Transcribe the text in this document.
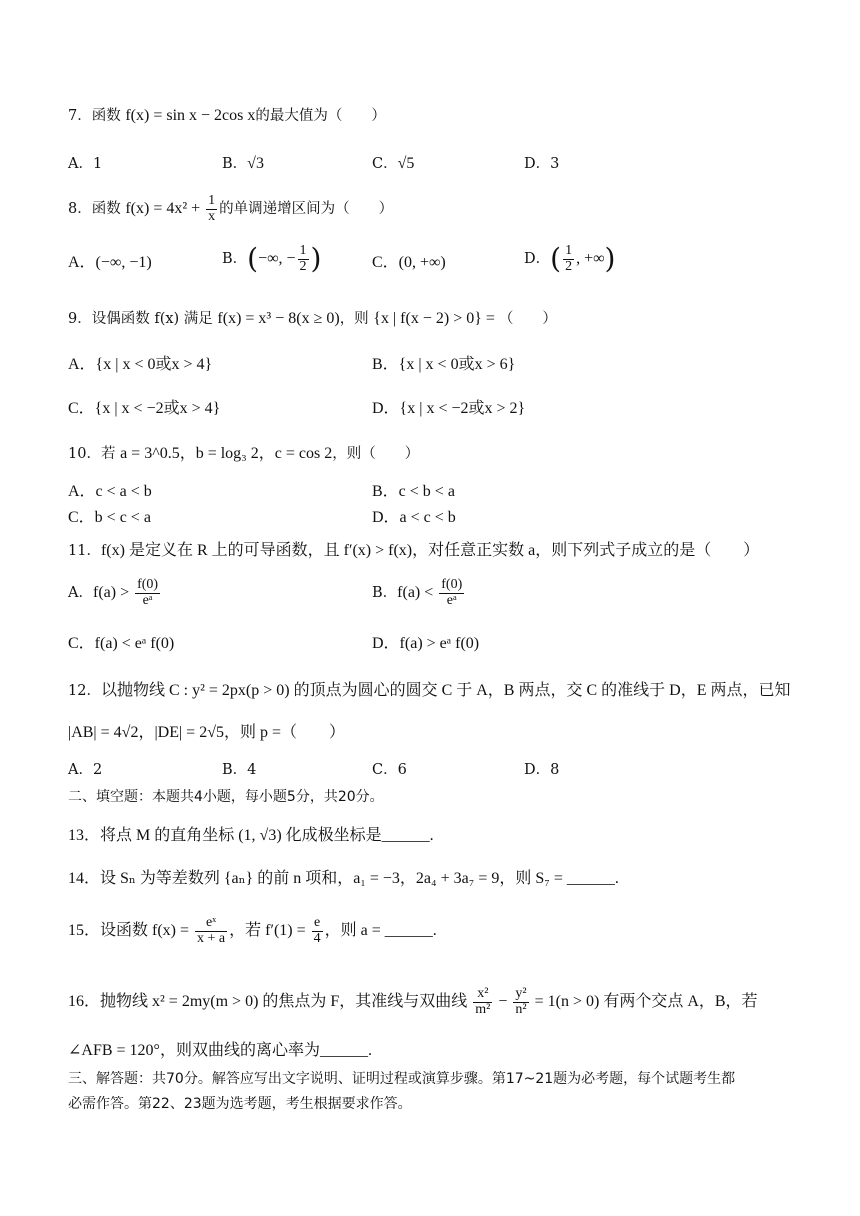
7．函数 f(x) = sin x − 2cos x的最大值为（　　）
A．1	B．√3	C．√5	D．3
8．函数 $f(x) = 4x^2 + \frac{1}{x}$ 的单调递增区间为（　　）
A．(−∞, −1)	B．(−∞, − $\frac{1}{2}$ )	C．(0, +∞)	D．( $\frac{1}{2}$ , +∞)
9．设偶函数 f(x) 满足 f(x) = x³ − 8(x ≥ 0)，则 {x | f(x − 2) > 0} = （　　）
A．{x | x < 0或x > 4}	B．{x | x < 0或x > 6}
C．{x | x < −2或x > 4}	D．{x | x < −2或x > 2}
10．若 a = 3^0.5，b = log₃ 2，c = cos 2，则（　　）
A．c < a < b	B．c < b < a
C．b < c < a	D．a < c < b
11．f(x) 是定义在 R 上的可导函数，且 f′(x) > f(x)，对任意正实数 a，则下列式子成立的是（　　）
A．$f(a) > \frac{f(0)}{\text{eᵃ}}$	B．$f(a) < \frac{f(0)}{\text{eᵃ}}$
C．f(a) < eᵃ f(0)	D．f(a) > eᵃ f(0)
12．以抛物线 C : y² = 2px(p > 0) 的顶点为圆心的圆交 C 于 A，B 两点，交 C 的准线于 D，E 两点，已知
|AB| = 4√2，|DE| = 2√5，则 p =（　　）
A．2	B．4	C．6	D．8
二、填空题：本题共4小题，每小题5分，共20分。
13．将点 M 的直角坐标 (1, √3) 化成极坐标是______.
14．设 Sₙ 为等差数列 {aₙ} 的前 n 项和，a₁ = −3，2a₄ + 3a₇ = 9，则 S₇ = ______.
15．设函数 $f(x) = \frac{\text{eˣ}}{x + a}$ ，若 $f'(1) = \frac{e}{4}$ ，则 a = ______.
16．抛物线 x² = 2my(m > 0) 的焦点为 F，其准线与双曲线 $\frac{\text{x²}}{\text{m²}} - \frac{\text{y²}}{\text{n²}} = 1(n > 0)$ 有两个交点 A，B，若
∠AFB = 120°，则双曲线的离心率为______.
三、解答题：共70分。解答应写出文字说明、证明过程或演算步骤。第17~21题为必考题，每个试题考生都
必需作答。第22、23题为选考题，考生根据要求作答。
